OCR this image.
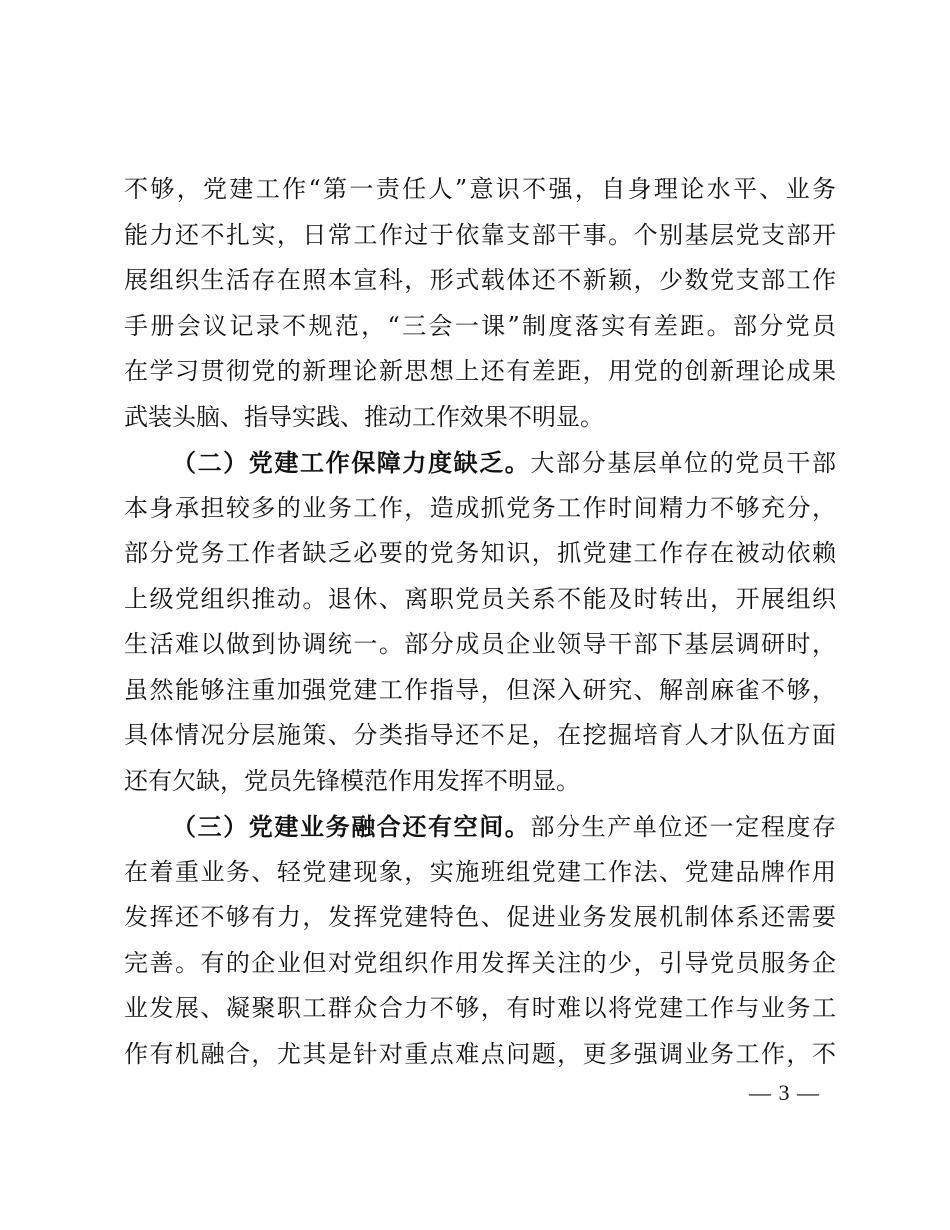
不够，党建工作“第一责任人”意识不强，自身理论水平、业务
能力还不扎实，日常工作过于依靠支部干事。个别基层党支部开
展组织生活存在照本宣科，形式载体还不新颖，少数党支部工作
手册会议记录不规范，“三会一课”制度落实有差距。部分党员
在学习贯彻党的新理论新思想上还有差距，用党的创新理论成果
武装头脑、指导实践、推动工作效果不明显。
（二）党建工作保障力度缺乏。大部分基层单位的党员干部
本身承担较多的业务工作，造成抓党务工作时间精力不够充分，
部分党务工作者缺乏必要的党务知识，抓党建工作存在被动依赖
上级党组织推动。退休、离职党员关系不能及时转出，开展组织
生活难以做到协调统一。部分成员企业领导干部下基层调研时，
虽然能够注重加强党建工作指导，但深入研究、解剖麻雀不够，
具体情况分层施策、分类指导还不足，在挖掘培育人才队伍方面
还有欠缺，党员先锋模范作用发挥不明显。
（三）党建业务融合还有空间。部分生产单位还一定程度存
在着重业务、轻党建现象，实施班组党建工作法、党建品牌作用
发挥还不够有力，发挥党建特色、促进业务发展机制体系还需要
完善。有的企业但对党组织作用发挥关注的少，引导党员服务企
业发展、凝聚职工群众合力不够，有时难以将党建工作与业务工
作有机融合，尤其是针对重点难点问题，更多强调业务工作，不
— 3 —
